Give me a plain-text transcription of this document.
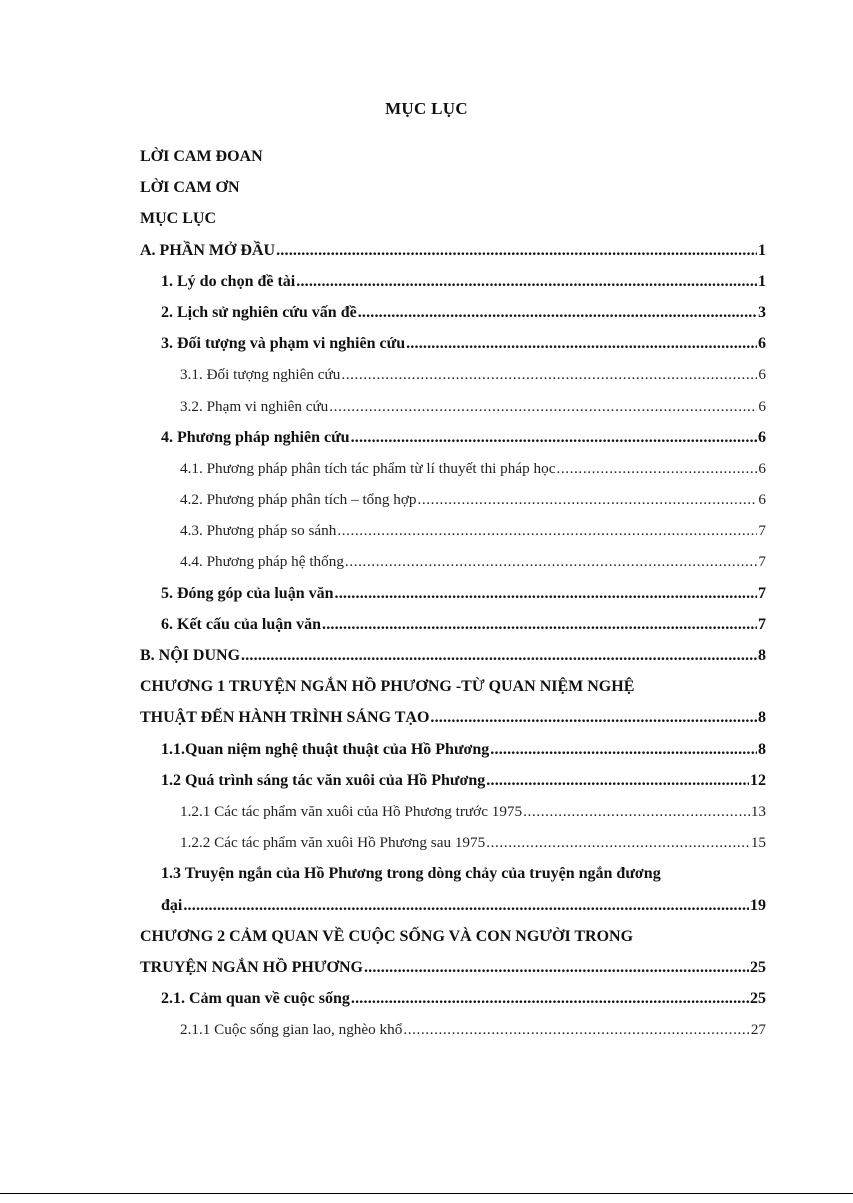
MỤC LỤC
LỜI CAM ĐOAN
LỜI CAM ƠN
MỤC LỤC
A. PHẦN MỞ ĐẦU .....	1
1. Lý do chọn đề tài .....	1
2. Lịch sử nghiên cứu vấn đề .....	3
3. Đối tượng và phạm vi nghiên cứu .....	6
3.1. Đối tượng nghiên cứu .....	6
3.2. Phạm vi nghiên cứu .....	6
4. Phương pháp nghiên cứu .....	6
4.1. Phương pháp phân tích tác phẩm từ lí thuyết thi pháp học .....	6
4.2. Phương pháp phân tích – tổng hợp .....	6
4.3. Phương pháp so sánh .....	7
4.4. Phương pháp hệ thống .....	7
5. Đóng góp của luận văn .....	7
6. Kết cấu của luận văn .....	7
B. NỘI DUNG .....	8
CHƯƠNG 1 TRUYỆN NGẮN HỒ PHƯƠNG -TỪ QUAN NIỆM NGHỆ
THUẬT ĐẾN HÀNH TRÌNH SÁNG TẠO .....	8
1.1.Quan niệm nghệ thuật thuật của Hồ Phương .....	8
1.2 Quá trình sáng tác văn xuôi của Hồ Phương .....	12
1.2.1 Các tác phẩm văn xuôi của Hồ Phương trước 1975 .....	13
1.2.2 Các tác phẩm văn xuôi Hồ Phương sau 1975 .....	15
1.3 Truyện ngắn của Hồ Phương trong dòng chảy của truyện ngắn đương
đại .....	19
CHƯƠNG 2 CẢM QUAN VỀ CUỘC SỐNG VÀ CON NGƯỜI TRONG
TRUYỆN NGẮN HỒ PHƯƠNG .....	25
2.1. Cảm quan về cuộc sống .....	25
2.1.1 Cuộc sống gian lao, nghèo khổ .....	27
